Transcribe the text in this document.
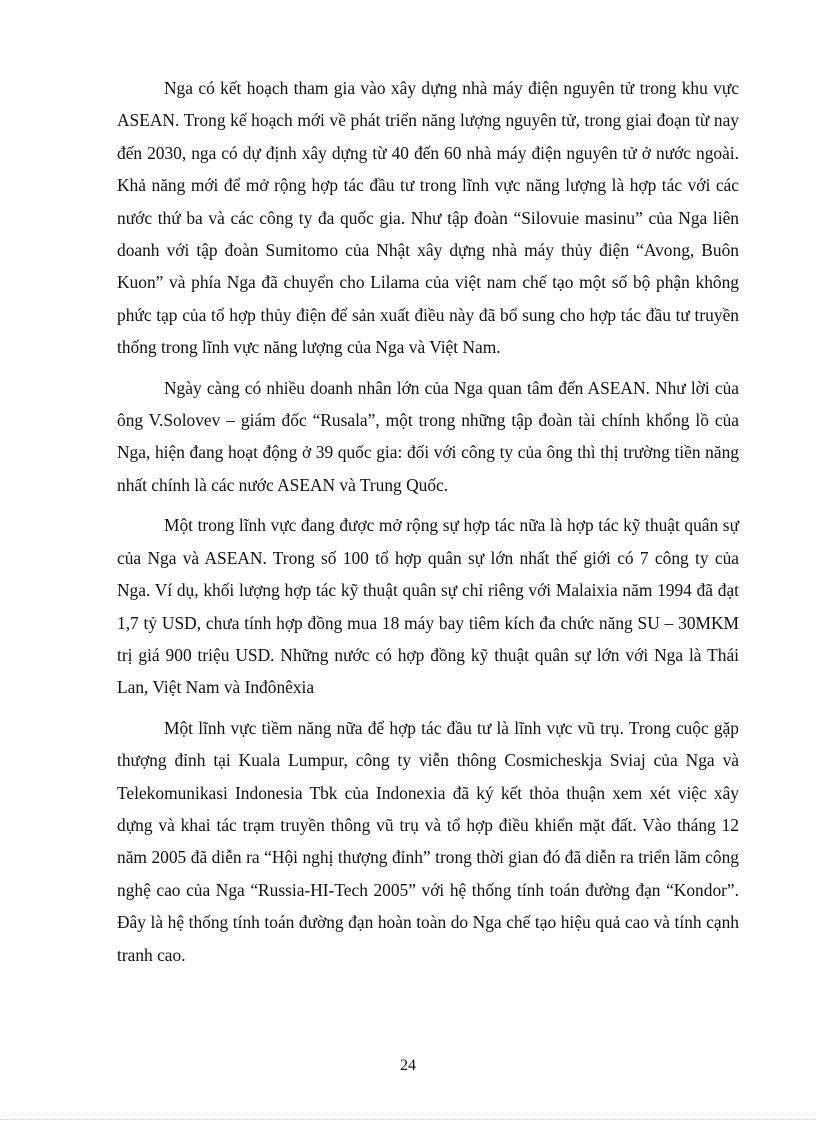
Nga có kết hoạch tham gia vào xây dựng nhà máy điện nguyên tử trong khu vực ASEAN. Trong kế hoạch mới về phát triển năng lượng nguyên tử, trong giai đoạn từ nay đến 2030, nga có dự định xây dựng từ 40 đến 60 nhà máy điện nguyên tử ở nước ngoài. Khả năng mới để mở rộng hợp tác đầu tư trong lĩnh vực năng lượng là hợp tác với các nước thứ ba và các công ty đa quốc gia. Như tập đoàn “Silovuie masinu” của Nga liên doanh với tập đoàn Sumitomo của Nhật xây dựng nhà máy thủy điện “Avong, Buôn Kuon” và phía Nga đã chuyển cho Lilama của việt nam chế tạo một số bộ phận không phức tạp của tổ hợp thủy điện để sản xuất điều này đã bổ sung cho hợp tác đầu tư truyền thống trong lĩnh vực năng lượng của Nga và Việt Nam.

Ngày càng có nhiều doanh nhân lớn của Nga quan tâm đến ASEAN. Như lời của ông V.Solovev – giám đốc “Rusala”, một trong những tập đoàn tài chính khổng lồ của Nga, hiện đang hoạt động ở 39 quốc gia: đối với công ty của ông thì thị trường tiền năng nhất chính là các nước ASEAN và Trung Quốc.

Một trong lĩnh vực đang được mở rộng sự hợp tác nữa là hợp tác kỹ thuật quân sự của Nga và ASEAN. Trong số 100 tổ hợp quân sự lớn nhất thế giới có 7 công ty của Nga. Ví dụ, khối lượng hợp tác kỹ thuật quân sự chỉ riêng với Malaixia năm 1994 đã đạt 1,7 tỷ USD, chưa tính hợp đồng mua 18 máy bay tiêm kích đa chức năng SU – 30MKM trị giá 900 triệu USD. Những nước có hợp đồng kỹ thuật quân sự lớn với Nga là Thái Lan, Việt Nam và Inđônêxia

Một lĩnh vực tiềm năng nữa để hợp tác đầu tư là lĩnh vực vũ trụ. Trong cuộc gặp thượng đỉnh tại Kuala Lumpur, công ty viễn thông Cosmicheskja Sviaj của Nga và Telekomunikasi Indonesia Tbk của Indonexia đã ký kết thỏa thuận xem xét việc xây dựng và khai tác trạm truyền thông vũ trụ và tổ hợp điều khiển mặt đất. Vào tháng 12 năm 2005 đã diễn ra “Hội nghị thượng đỉnh” trong thời gian đó đã diễn ra triển lãm công nghệ cao của Nga “Russia-HI-Tech 2005” với hệ thống tính toán đường đạn “Kondor”. Đây là hệ thống tính toán đường đạn hoàn toàn do Nga chế tạo hiệu quả cao và tính cạnh tranh cao.

24
